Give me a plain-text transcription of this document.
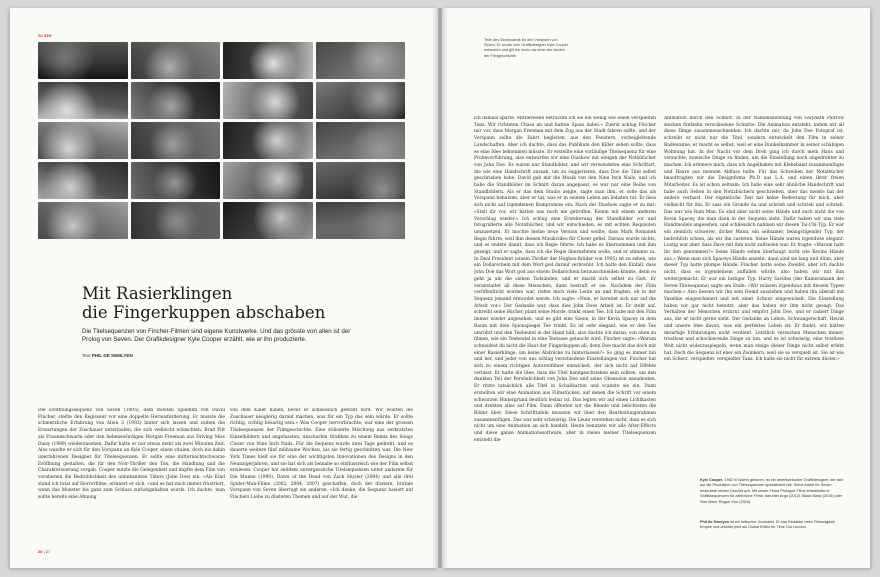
ZU SEH
Mit Rasierklingen
die Fingerkuppen abschaben

Die Titelsequenzen von Fincher-Filmen sind eigene Kunstwerke. Und das grösste von allen ist der Prolog von Seven. Der Grafikdesigner Kyle Cooper erzählt, wie er ihn produzierte.

Text PHIL DE SEMLYEN

Die Eröffnungssequenz von Seven (1995), dem zweiten Spielfilm von David Fincher, stellte den Regisseur vor eine doppelte Herausforderung. Er musste die schmerzliche Erfahrung von Alien 3 (1992) hinter sich lassen und zudem die Erwartungen der Zuschauer unterlaufen, die sich vielleicht wünschten, Brad Pitt als Frauenschwarm oder den liebenswürdigen Morgan Freeman aus Driving Miss Daisy (1989) wiederzusehen. Dafür hatte er nur etwas mehr als zwei Minuten Zeit. Also wandte er sich für den Vorspann an Kyle Cooper, einen vitalen, doch bis dahin unerfahrenen Designer für Titelsequenzen. Er sollte eine mitternachtschwarze Eröffnung gestalten, die für den Noir-Thriller den Ton, die Handlung und die Charakterisierung vorgab. Cooper nutzte die Gelegenheit und impfte dem Film von vornherein die Bedrohlichkeit des unbekannten Täters (John Doe) ein. «Als Kind stand ich total auf Horrorfilme, erinnert er sich, «und es hat mich immer frustriert, wenn das Monster bis ganz zum Schluss zurückgehalten wurde. Ich dachte, man sollte bereits eine Ahnung

von dem Killer haben, bevor er schliesslich gestellt wird. Wir wollten die Zuschauer neugierig darauf machen, was für ein Typ das sein würde. Er sollte richtig, richtig bösartig sein.» Was Cooper hervorbrachte, war eine der grossen Titelsequenzen der Filmgeschichte. Eine stilisierte Mischung aus zerkratzten Einzelbildern und angefassten, unscharfen Grafiken zu einem Remix des Songs Closer von Nine Inch Nails. Für die Sequenz wurde zwei Tage gedreht, und es dauerte weitere fünf mühsame Wochen, bis sie fertig geschnitten war. Die New York Times hielt sie für eine der wichtigsten Innovationen des Designs in den Neunzigerjahren, und sie hat sich als beinahe so einflussreich wie der Film selbst erwiesen. Cooper hat seitdem unvergessliche Titelsequenzen unter anderem für Die Mumie (1999), Dawn of the Dead von Zack Snyder (2004) und alle drei Spider-Man-Filme (2002, 2004, 2007) geschaffen, doch der düstere, brutale Vorspann von Seven überragt sie anderen. «Ich denke, die Sequenz basiert auf Finchers Liebe zu düsteren Themen und auf der Wut, die

26 | 27
Teile des Storyboards für den Vorspann von Seven. Er wurde vom Grafikdesigner Kyle Cooper entworfen und gilt bis heute als einer der besten der Filmgeschichte.

ich damals spürte. Mittlerweile betrachte ich sie ein wenig wie einen verspielten Tanz. Wir richteten Chaos an und hatten Spass dabei.» Zuerst schlug Fincher mir vor, dass Morgan Freeman mit dem Zug aus der Stadt fahren sollte, und der Vorspann sollte die Fahrt begleiten, aus den Fenstern, vorbeigleitende Landschaften. Aber ich dachte, dass das Publikum den Killer sehen sollte, dass es eine Idee bekommen müsste. Er erstellte eine vorläufige Titelsequenz für eine Probevorführung, also entwarfen wir eine Diashow mit einigen der Notizbücher von John Doe. Es waren nur Standbilder, und wir verwendeten eine Schriftart, die wie eine Handschrift aussah, um zu suggerieren, dass Doe die Titel selbst geschrieben habe. David gab mir die Musik von den Nine Inch Nails, und ich habe die Standbilder im Schnitt daran angepasst, es war nur eine Reihe von Standbildern. Als er das dem Studio zeigte, sagte man ihm, er solle das als Vorspann benutzen, aber er tat, was er in seinem Leben am liebsten tut: Er liess sich nicht auf irgendeinen Kompromiss ein. Nach der Diashow sagte er zu mir: «Stell dir vor, wir hätten uns noch nie getroffen. Komm mit einem anderen Vorschlag wieder.» Ich schlug eine Erweiterung der Standbilder vor und fotografierte alle Notizbücher, und wir entschieden, es mit echten Requisiten umzusetzen. Er mochte meine neue Version und wollte, dass Mark Romanek Regie führte, weil ihm dessen Musikvideo für Closer gefiel. Daraus wurde nichts, und es endete damit, dass ich Regie führte. Ich habe es übernommen und ihm gezeigt, und er sagte, dass ich die Regie übernehmen wolle, und er stimmte zu. In Deal President (einem Thriller der Hughes-Brüder von 1995) ist zu sehen, wie ein Dollarschein mit dem Wort god darauf verbrennt. Ich hatte den Einfall, dass John Doe das Wort god aus einem Dollarschein herausschneiden könnte, denn es geht ja um die sieben Todsünden, und er macht sich selbst zu Gott. Er veranstaltet all diese Menschen, dann bestraft er sie. Nachdem der Film veröffentlicht worden war, riefen mich viele Leute an und fragten, ob in der Sequenz jemand ermordet werde. Ich sagte: «Nein, er bereitet sich nur auf die Arbeit vor.» Der Gedanke war, dass dies John Does Arbeit ist: Er steht auf, schreibt seine Bücher, plant seine Morde, trinkt einen Tee. Ich habe mir den Film immer wieder angesehen, und es gibt eine Szene, in der Kevin Spacey in dem Raum mit dem Spionspiegel Tee trinkt. Es ist sehr elegant, wie er den Tee umrührt und den Teebeutel in der Hand hält, also dachte ich daran, von oben zu filmen, wie ein Teebeutel in eine Teetasse getaucht wird. Fincher sagte: «Warum schneidest du nicht die Haut der Fingerkuppen ab, denn Doe macht das doch mit einer Rasierklinge, um keine Abdrücke zu hinterlassen?» So ging es immer hin und her, und jeder von uns schlug verschiedene Einstellungen vor. Fincher hat sich zu einem richtigen Autorenfilmer entwickelt, der sich nicht auf Effekte verlässt. Er hatte die Idee, dass die Titel handgeschrieben sein sollten, um den dunklen Teil der Persönlichkeit von John Doe und seine Obsession anzudeuten. Er ritzte tatsächlich alle Titel in Schabkarton und scannte sie ein. Dann erstellten wir eine Animation aus Filmstücken, auf denen die Schrift vor einem schwarzen Hintergrund deutlich lesbar ist. Das legten wir auf einen Lichtkasten und drehten alles auf Film. Dann öffneten wir die Blende und belichteten die Bilder über. Diese Schrifttafeln mussten wir über den Bearbeitungsrahmen zusammenfügen. Das war sehr schwierig. Die Leute verstehen nicht, dass es sich nicht um eine Animation an sich handelt. Heute benutzen wir alle After-Effects und diese ganze Animationssoftware, aber in vielen meiner Titelsequenzen entsteht die

Animation durch den Schnitt. In der Namensnennung von Gwyneth Paltrow stecken fünfzehn verschiedene Schnitte. Die Animation entsteht, indem wir all diese Dinge zusammenschneiden. Ich dachte mir, da John Doe Fotograf ist, schreibt er nicht nur die Titel, sondern entwickelt den Film in seiner Badewanne, er macht es selbst, weil er eine Dunkelkammer in seiner schäbigen Wohnung hat. In der Nacht vor dem Dreh ging ich durch mein Haus und versuchte, komische Dinge zu finden, um die Einstellung noch abgedrehter zu machen. Ich erinnere mich, dass ich Angelhaken mit Klebeband zusammenfügte und Haare aus meinem Abfluss holte. Für das Schreiben der Notizbücher beauftragten wir die Designfirma Ph.D aus L.A. und einen ihrer freien Mitarbeiter. Es ist schon seltsam: Ich habe eine sehr ähnliche Handschrift und habe auch Seiten in den Notizbüchern geschrieben, aber das meiste hat der andere verfasst. Der eigentliche Text hat keine Bedeutung für mich, aber vielleicht für ihn. Er sass ein Grunde da und schrieb und schrieb und schrieb. Das war wie Rain Man. Es sind aber nicht seine Hände und auch nicht die von Kevin Spacey, die man dann in der Sequenz sieht. Dafür haben wir uns viele Handmodels angesehen, und schliesslich nahmen wir diesen Tai-Chi-Typ. Er war ein ziemlich schwerer, dicker Mann, ein seltsamer, beängstigender Typ, der bedrohlich schien, als wir ihn casteten. Seine Hände waren irgendwie elegant. Lustig war aber, dass Dave mit ihm nicht zufrieden war. Er fragte: «Warum habt ihr den genommen?» Seine Hände sehen überhaupt nicht wie Kevins Hände aus.» Wenn man sich Spaceys Hände ansieht, dann sind sie lang und dünn, aber dieser Typ hatte plumpe Hände. Fincher hatte seine Zweifel, aber ich dachte nicht, dass es irgendeinem auffallen würde, also haben wir mit ihm weitergemacht. Er war ein lustiger Typ. Harry Savides (der Kameramann der Seven-Titelsequenz) sagte am Ende: «Wir müssen irgendwas mit diesem Typen machen.» Also liessen wir ihn sein Hemd ausziehen und haben ihn überall mit Vaseline eingeschmiert und mit einer Schnur eingewickelt. Die Einstellung haben wir gar nicht benutzt, aber das haben wir ihm nicht gesagt. Das Verhalten der Menschen erzürnt und empört John Doe, und er radiert Dinge aus, die er nicht gerne sieht. Der Gedanke an Leben, Schwangerschaft, Heirat und unsere Idee davon, was ein perfektes Leben ist: Er findet, wir hätten derartige Erfahrungen nicht verdient. Letztlich versuchen Menschen immer, trostlose und schockierende Dinge zu tun, und es ist schwierig, eine trostlose Welt nicht widerzuspiegeln, wenn man einige dieser Dinge nicht selbst erlebt hat. Doch die Sequenz ist eher ein Zwinkern, weil sie so verspielt ist. Sie ist wie ein Scherz, verspielter, verspielter Tanz. Ich halte sie nicht für extrem düster.»

Kyle Cooper, 1962 in Salem geboren, ist ein amerikanischer Grafikdesigner, der sich auf die Produktion von Titelsequenzen spezialisiert hat. Seine Arbeit für Seven bedeutete seinen Durchbruch. Mit seiner Firma Prologue Films entwickelte er Grafiksequenzen für zahlreiche Filme, darunter Argo (2012), Black Mass (2015) oder Star Wars: Rogue One (2016).
Phil de Semlyen ist ein britischer Journalist. Er war Redaktor beim Filmmagazin Empire und arbeitet jetzt als Global Editor für Time Out London.
